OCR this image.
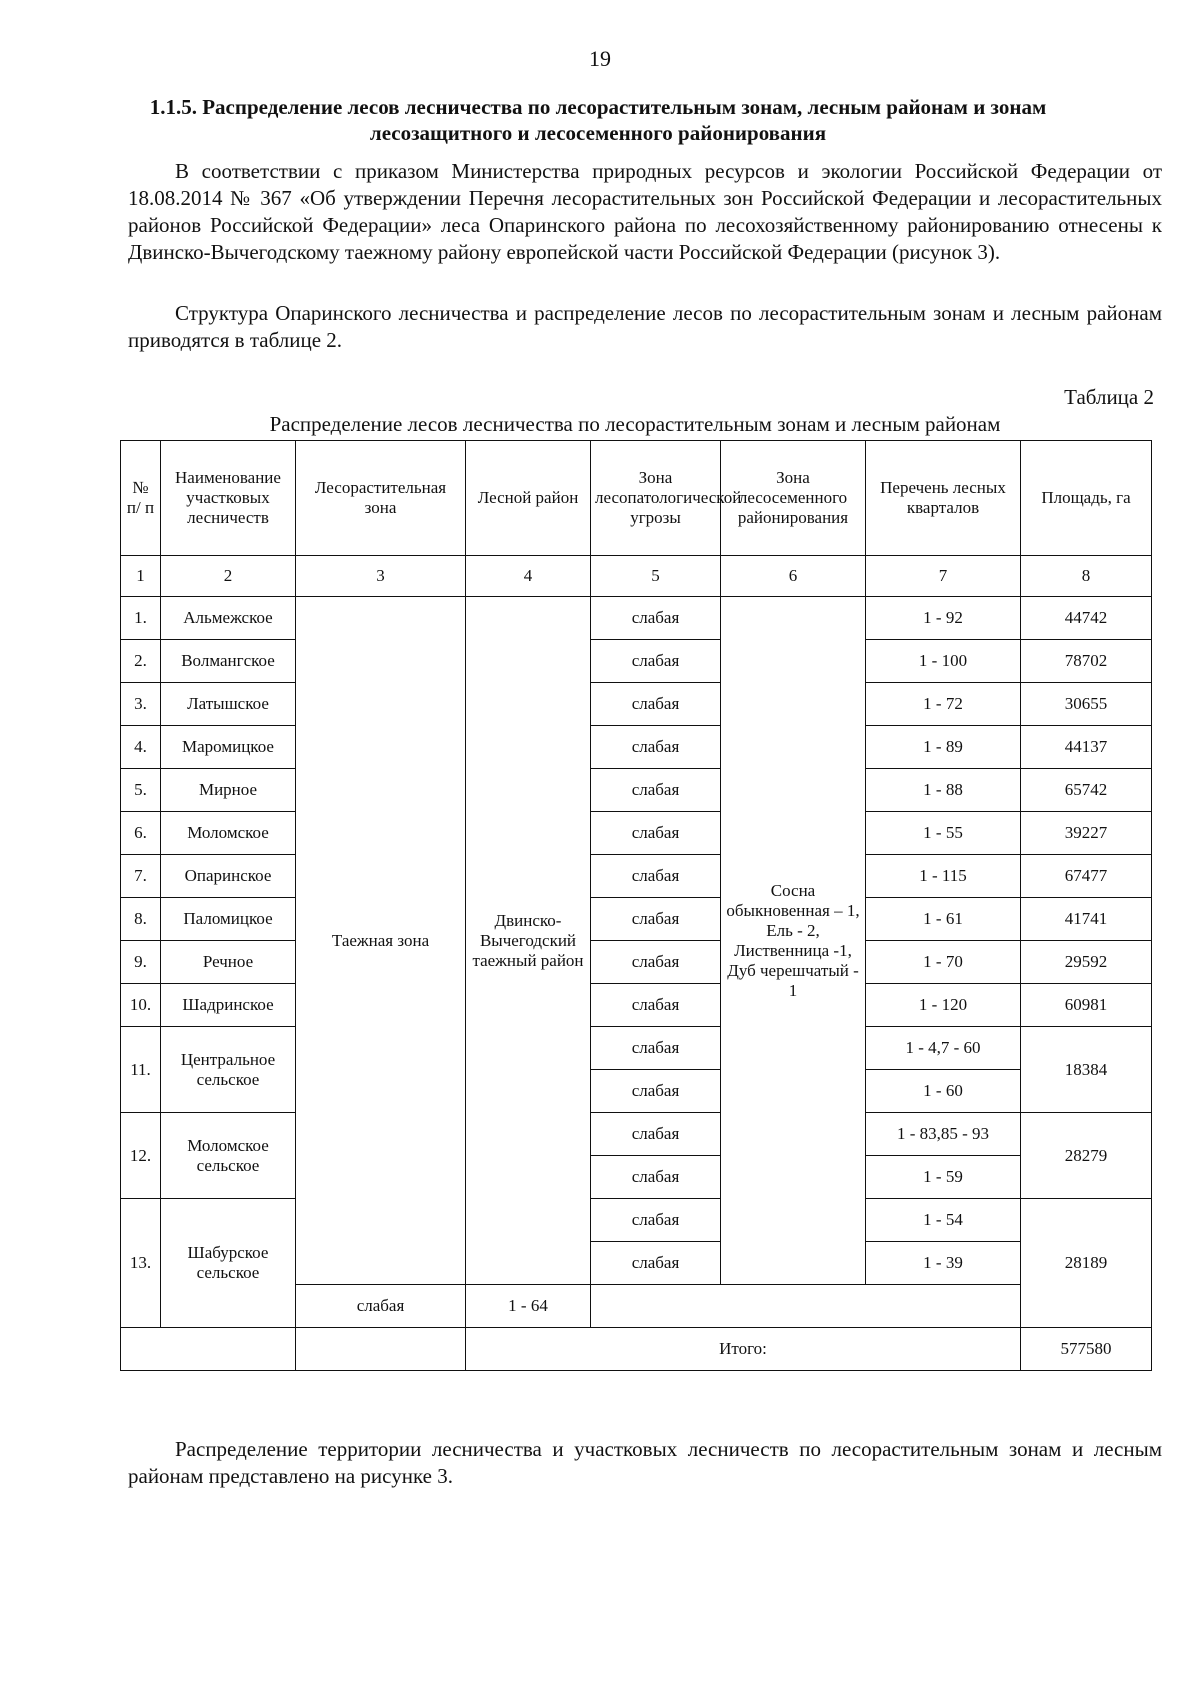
19
1.1.5. Распределение лесов лесничества по лесорастительным зонам, лесным районам и зонам лесозащитного и лесосеменного районирования
В соответствии с приказом Министерства природных ресурсов и экологии Российской Федерации от 18.08.2014 № 367 «Об утверждении Перечня лесорастительных зон Российской Федерации и лесорастительных районов Российской Федерации» леса Опаринского района по лесохозяйственному районированию отнесены к Двинско-Вычегодскому таежному району европейской части Российской Федерации (рисунок 3).
Структура Опаринского лесничества и распределение лесов по лесорастительным зонам и лесным районам приводятся в таблице 2.
Таблица 2
Распределение лесов лесничества по лесорастительным зонам и лесным районам
№ п/ п	Наименование участковых лесничеств	Лесорастительная зона	Лесной район	Зона лесопатологической угрозы	Зона лесосеменного районирования	Перечень лесных кварталов	Площадь, га
1	2	3	4	5	6	7	8
1.	Альмежское	Таежная зона	Двинско-Вычегодский таежный район	слабая	Сосна обыкновенная – 1, Ель - 2, Лиственница -1, Дуб черешчатый - 1	1 - 92	44742
2.	Волмангское			слабая		1 - 100	78702
3.	Латышское			слабая		1 - 72	30655
4.	Маромицкое			слабая		1 - 89	44137
5.	Мирное			слабая		1 - 88	65742
6.	Моломское			слабая		1 - 55	39227
7.	Опаринское			слабая		1 - 115	67477
8.	Паломицкое			слабая		1 - 61	41741
9.	Речное			слабая		1 - 70	29592
10.	Шадринское			слабая		1 - 120	60981
11.	Центральное сельское			слабая		1 - 4,7 - 60	18384
				слабая		1 - 60	
12.	Моломское сельское			слабая		1 - 83,85 - 93	28279
				слабая		1 - 59	
13.	Шабурское сельское			слабая		1 - 54	28189
				слабая		1 - 39	
		слабая	1 - 64				
			Итого:				577580
Распределение территории лесничества и участковых лесничеств по лесорастительным зонам и лесным районам представлено на рисунке 3.
